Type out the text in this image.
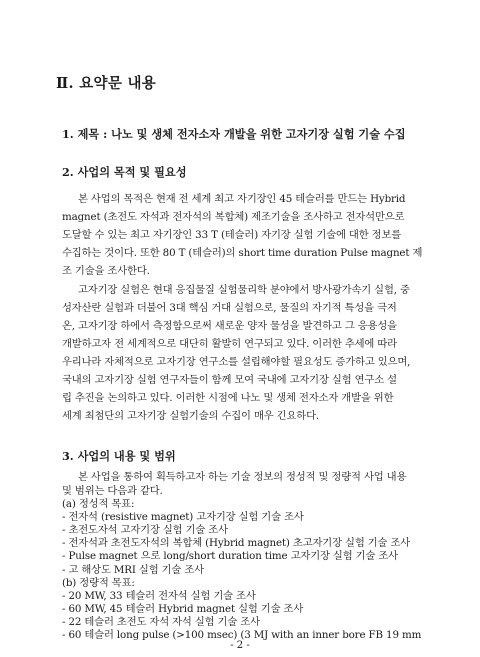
Ⅱ. 요약문 내용
1. 제목 : 나노 및 생체 전자소자 개발을 위한 고자기장 실험 기술 수집
2. 사업의 목적 및 필요성
본 사업의 목적은 현재 전 세계 최고 자기장인 45 테슬러를 만드는 Hybrid
magnet (초전도 자석과 전자석의 복합체) 제조기술을 조사하고 전자석만으로
도달할 수 있는 최고 자기장인 33 T (테슬러) 자기장 실험 기술에 대한 정보를
수집하는 것이다. 또한 80 T (테슬러)의 short time duration Pulse magnet 제
조 기술을 조사한다.
고자기장 실험은 현대 응집물질 실험물리학 분야에서 방사광가속기 실험, 중
성자산란 실험과 더불어 3대 핵심 거대 실험으로, 물질의 자기적 특성을 극저
온, 고자기장 하에서 측정함으로써 새로운 양자 물성을 발견하고 그 응용성을
개발하고자 전 세계적으로 대단히 활발히 연구되고 있다. 이러한 추세에 따라
우리나라 자체적으로 고자기장 연구소를 설립해야할 필요성도 증가하고 있으며,
국내의 고자기장 실험 연구자들이 함께 모여 국내에 고자기장 실험 연구소 설
립 추진을 논의하고 있다. 이러한 시점에 나노 및 생체 전자소자 개발을 위한
세계 최첨단의 고자기장 실험기술의 수집이 매우 긴요하다.
3. 사업의 내용 및 범위
본 사업을 통하여 획득하고자 하는 기술 정보의 정성적 및 정량적 사업 내용
및 범위는 다음과 같다.
(a) 정성적 목표:
- 전자석 (resistive magnet) 고자기장 실험 기술 조사
- 초전도자석 고자기장 실험 기술 조사
- 전자석과 초전도자석의 복합체 (Hybrid magnet) 초고자기장 실험 기술 조사
- Pulse magnet 으로 long/short duration time 고자기장 실험 기술 조사
- 고 해상도 MRI 실험 기술 조사
- 2 -
(b) 정량적 목표:
- 20 MW, 33 테슬러 전자석 실험 기술 조사
- 60 MW, 45 테슬러 Hybrid magnet 실험 기술 조사
- 22 테슬러 초전도 자석 자석 실험 기술 조사
- 60 테슬러 long pulse (>100 msec) (3 MJ with an inner bore FB 19 mm
